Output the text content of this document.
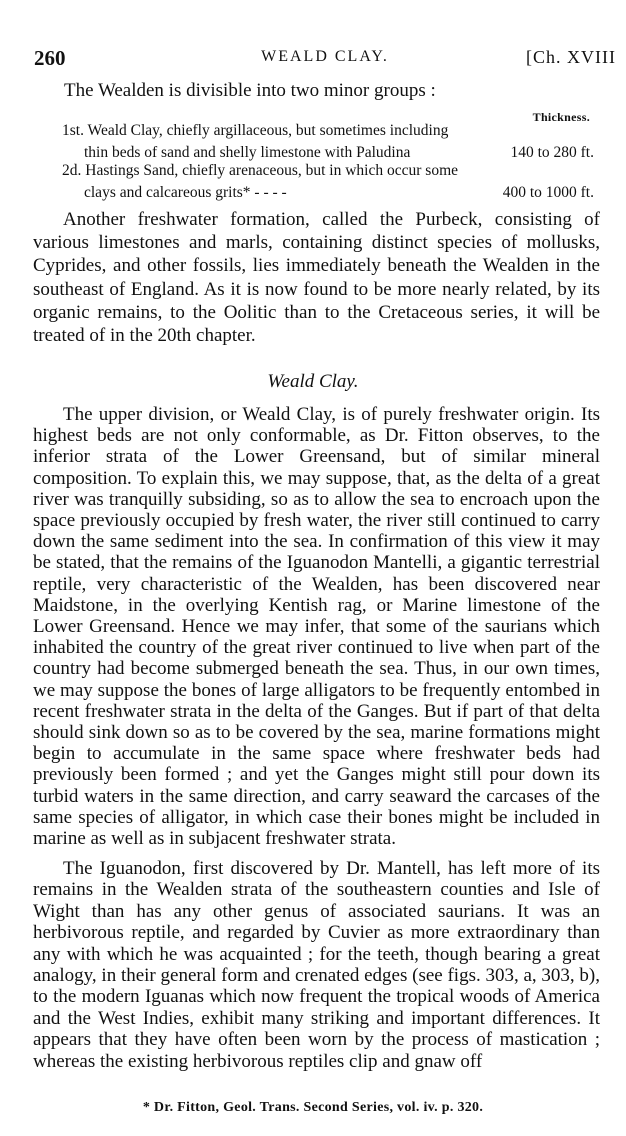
260	WEALD CLAY.	[Ch. XVIII
The Wealden is divisible into two minor groups :
Thickness.
1st. Weald Clay, chiefly argillaceous, but sometimes including
thin beds of sand and shelly limestone with Paludina	140 to 280 ft.
2d. Hastings Sand, chiefly arenaceous, but in which occur some
clays and calcareous grits* - - - -	400 to 1000 ft.

Another freshwater formation, called the Purbeck, consisting of various limestones and marls, containing distinct species of mollusks, Cyprides, and other fossils, lies immediately beneath the Wealden in the southeast of England. As it is now found to be more nearly related, by its organic remains, to the Oolitic than to the Cretaceous series, it will be treated of in the 20th chapter.

Weald Clay.

The upper division, or Weald Clay, is of purely freshwater origin. Its highest beds are not only conformable, as Dr. Fitton observes, to the inferior strata of the Lower Greensand, but of similar mineral composition. To explain this, we may suppose, that, as the delta of a great river was tranquilly subsiding, so as to allow the sea to encroach upon the space previously occupied by fresh water, the river still continued to carry down the same sediment into the sea. In confirmation of this view it may be stated, that the remains of the Iguanodon Mantelli, a gigantic terrestrial reptile, very characteristic of the Wealden, has been discovered near Maidstone, in the overlying Kentish rag, or Marine limestone of the Lower Greensand. Hence we may infer, that some of the saurians which inhabited the country of the great river continued to live when part of the country had become submerged beneath the sea. Thus, in our own times, we may suppose the bones of large alligators to be frequently entombed in recent freshwater strata in the delta of the Ganges. But if part of that delta should sink down so as to be covered by the sea, marine formations might begin to accumulate in the same space where freshwater beds had previously been formed ; and yet the Ganges might still pour down its turbid waters in the same direction, and carry seaward the carcases of the same species of alligator, in which case their bones might be included in marine as well as in subjacent freshwater strata.

The Iguanodon, first discovered by Dr. Mantell, has left more of its remains in the Wealden strata of the southeastern counties and Isle of Wight than has any other genus of associated saurians. It was an herbivorous reptile, and regarded by Cuvier as more extraordinary than any with which he was acquainted ; for the teeth, though bearing a great analogy, in their general form and crenated edges (see figs. 303, a, 303, b), to the modern Iguanas which now frequent the tropical woods of America and the West Indies, exhibit many striking and important differences. It appears that they have often been worn by the process of mastication ; whereas the existing herbivorous reptiles clip and gnaw off

* Dr. Fitton, Geol. Trans. Second Series, vol. iv. p. 320.
